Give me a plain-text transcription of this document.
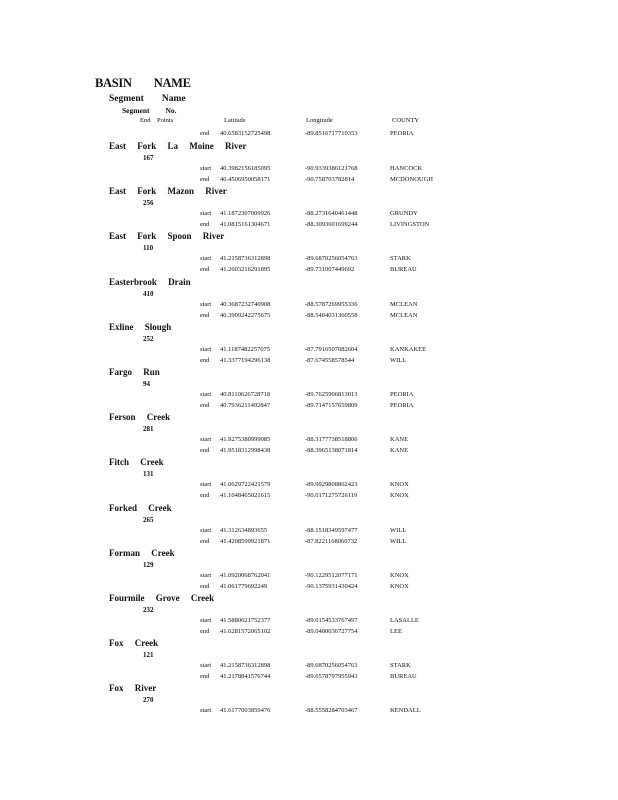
BASIN NAME
Segment Name
Segment No.
End Points	Latitude	Longitude	COUNTY
end 40.6583152725498	-89.8516717710353	PEORIA
East Fork La Moine River
167
start 40.3982156185095	-90.9339386121768	HANCOCK
end 40.4506950058171	-90.758703782814	MCDONOUGH
East Fork Mazon River
256
start 41.1872307009926	-88.2731640461448	GRUNDY
end 41.0815161304671	-88.3093601699244	LIVINGSTON
East Fork Spoon River
110
start 41.2158736312898	-89.6870256054763	STARK
end 41.2603216291895	-89.731007449692	BUREAU
Easterbrook Drain
410
start 40.3687232740908	-88.5787269955336	MCLEAN
end 40.3909242275675	-88.5484031360558	MCLEAN
Exline Slough
252
start 41.1187482257075	-87.7916507082604	KANKAKEE
end 41.3377194296138	-87.674558578544	WILL
Fargo Run
94
start 40.8110626728718	-89.7625906813013	PEORIA
end 40.7936211492847	-89.7147157659809	PEORIA
Ferson Creek
281
start 41.9275380999085	-88.3177738518806	KANE
end 41.9518312998438	-88.3965138071814	KANE
Fitch Creek
131
start 41.0629722421579	-89.9929808862423	KNOX
end 41.1048465021615	-90.0171275726119	KNOX
Forked Creek
265
start 41.312634893655	-88.1518349597477	WILL
end 41.4208599921871	-87.8221168060732	WILL
Forman Creek
129
start 41.0920068762041	-90.1229512077171	KNOX
end 41.061779692249	-90.1375931430424	KNOX
Fourmile Grove Creek
232
start 41.5880621752377	-89.0154533767497	LASALLE
end 41.6281572065102	-89.0480036727754	LEE
Fox Creek
121
start 41.2158736312898	-89.6870256054763	STARK
end 41.2178841576744	-89.6578797955943	BUREAU
Fox River
270
start 41.6177003859476	-88.5558284703467	KENDALL
